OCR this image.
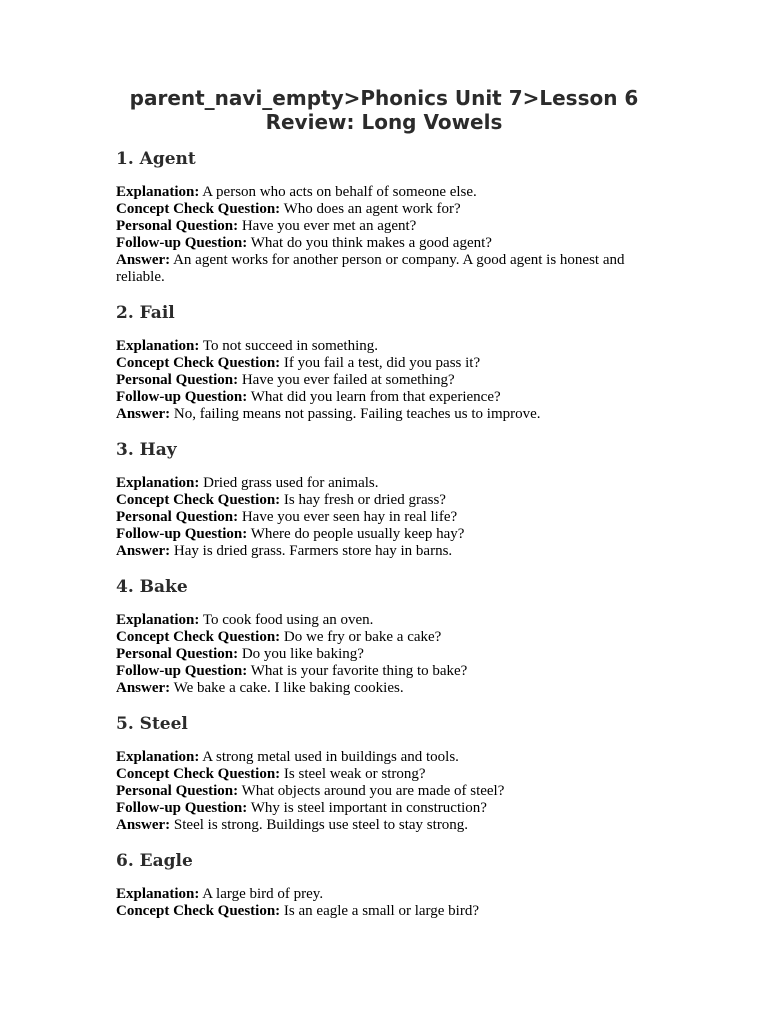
parent_navi_empty>Phonics Unit 7>Lesson 6
Review: Long Vowels
1. Agent

Explanation: A person who acts on behalf of someone else.

Concept Check Question: Who does an agent work for?

Personal Question: Have you ever met an agent?

Follow-up Question: What do you think makes a good agent?

Answer: An agent works for another person or company. A good agent is honest and reliable.

2. Fail

Explanation: To not succeed in something.

Concept Check Question: If you fail a test, did you pass it?

Personal Question: Have you ever failed at something?

Follow-up Question: What did you learn from that experience?

Answer: No, failing means not passing. Failing teaches us to improve.

3. Hay

Explanation: Dried grass used for animals.

Concept Check Question: Is hay fresh or dried grass?

Personal Question: Have you ever seen hay in real life?

Follow-up Question: Where do people usually keep hay?

Answer: Hay is dried grass. Farmers store hay in barns.

4. Bake

Explanation: To cook food using an oven.

Concept Check Question: Do we fry or bake a cake?

Personal Question: Do you like baking?

Follow-up Question: What is your favorite thing to bake?

Answer: We bake a cake. I like baking cookies.

5. Steel

Explanation: A strong metal used in buildings and tools.

Concept Check Question: Is steel weak or strong?

Personal Question: What objects around you are made of steel?

Follow-up Question: Why is steel important in construction?

Answer: Steel is strong. Buildings use steel to stay strong.

6. Eagle

Explanation: A large bird of prey.

Concept Check Question: Is an eagle a small or large bird?
